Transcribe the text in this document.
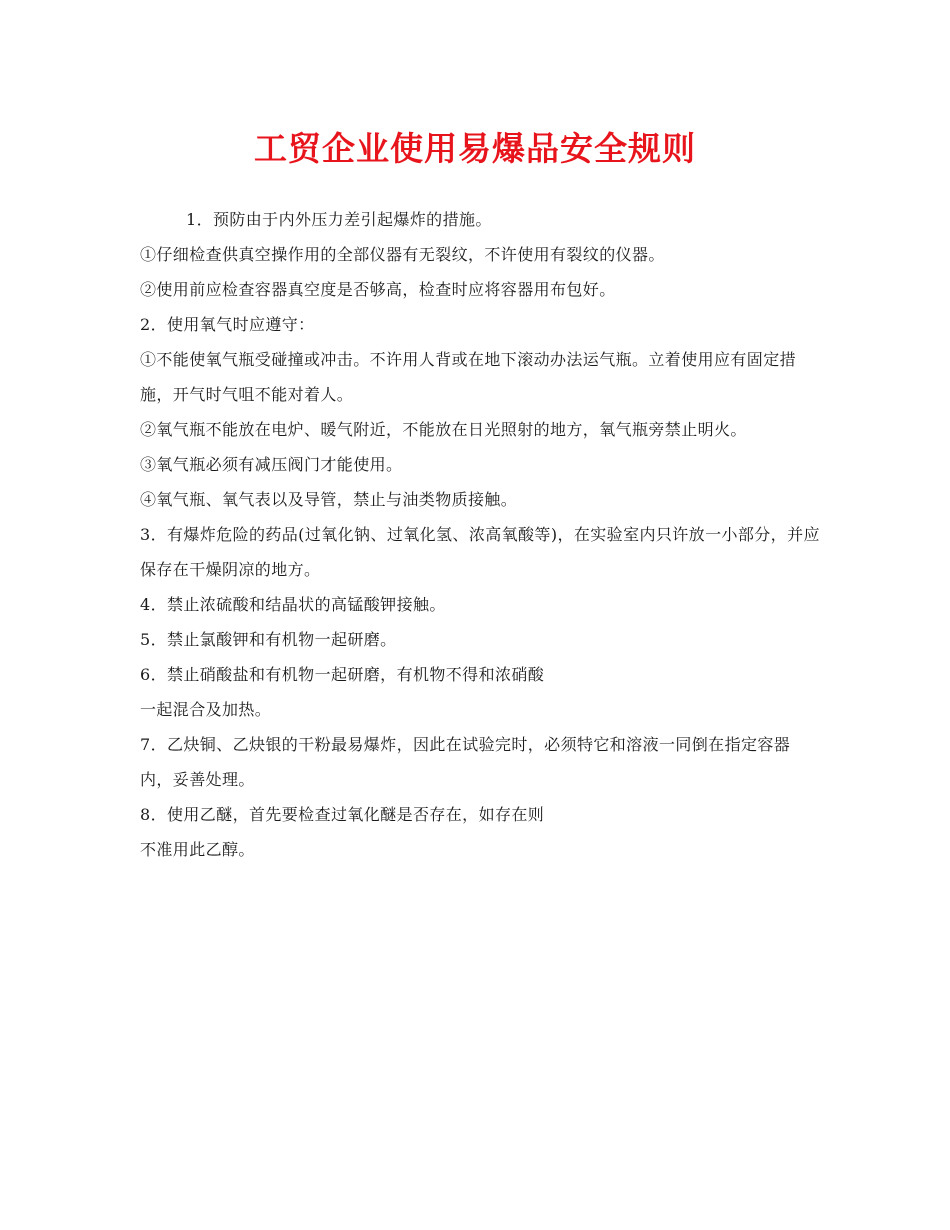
工贸企业使用易爆品安全规则
1．预防由于内外压力差引起爆炸的措施。
①仔细检查供真空操作用的全部仪器有无裂纹，不许使用有裂纹的仪器。
②使用前应检查容器真空度是否够高，检查时应将容器用布包好。
2．使用氧气时应遵守：
①不能使氧气瓶受碰撞或冲击。不许用人背或在地下滚动办法运气瓶。立着使用应有固定措施，开气时气咀不能对着人。
②氧气瓶不能放在电炉、暖气附近，不能放在日光照射的地方，氧气瓶旁禁止明火。
③氧气瓶必须有减压阀门才能使用。
④氧气瓶、氧气表以及导管，禁止与油类物质接触。
3．有爆炸危险的药品(过氧化钠、过氧化氢、浓高氧酸等)，在实验室内只许放一小部分，并应保存在干燥阴凉的地方。
4．禁止浓硫酸和结晶状的高锰酸钾接触。
5．禁止氯酸钾和有机物一起研磨。
6．禁止硝酸盐和有机物一起研磨，有机物不得和浓硝酸
一起混合及加热。
7．乙炔铜、乙炔银的干粉最易爆炸，因此在试验完时，必须特它和溶液一同倒在指定容器内，妥善处理。
8．使用乙醚，首先要检查过氧化醚是否存在，如存在则
不准用此乙醇。
